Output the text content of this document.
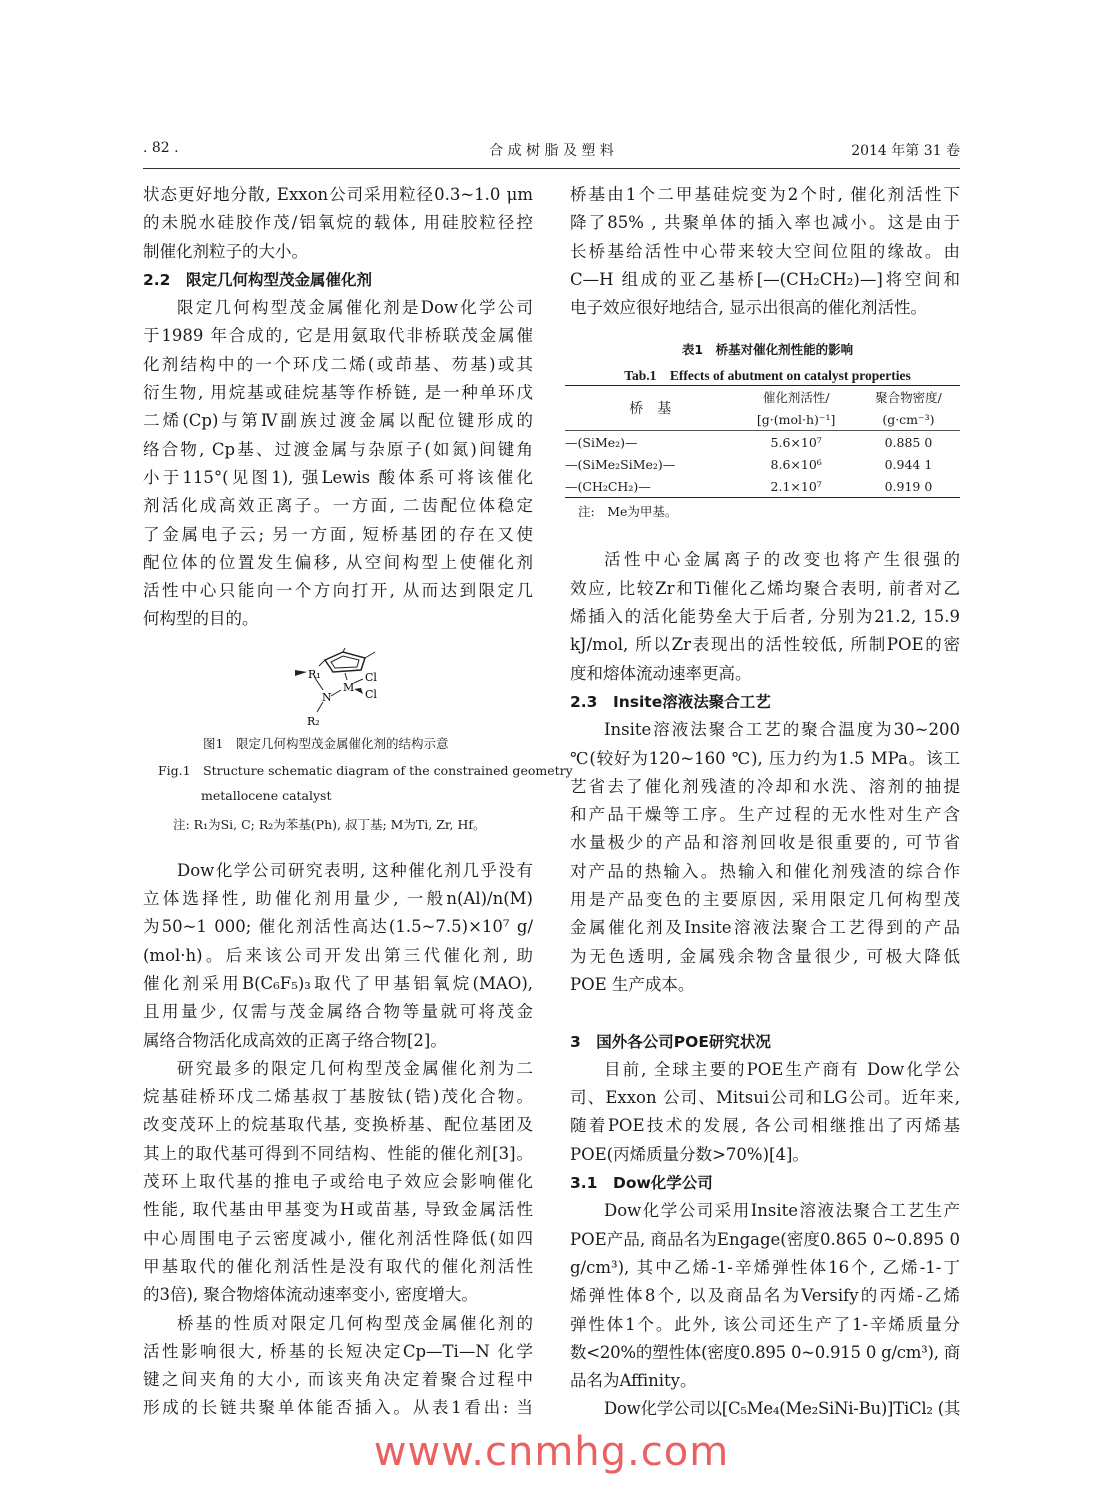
. 82 .	合 成 树 脂 及 塑 料	2014 年第 31 卷
状态更好地分散, Exxon公司采用粒径0.3~1.0 μm
的未脱水硅胶作茂/铝氧烷的载体, 用硅胶粒径控
制催化剂粒子的大小。
2.2　限定几何构型茂金属催化剂
限定几何构型茂金属催化剂是Dow化学公司
于1989 年合成的, 它是用氨取代非桥联茂金属催
化剂结构中的一个环戊二烯(或茚基、芴基)或其
衍生物, 用烷基或硅烷基等作桥链, 是一种单环戊
二烯(Cp)与第Ⅳ副族过渡金属以配位键形成的
络合物, Cp基、过渡金属与杂原子(如氮)间键角
小于115°(见图1), 强Lewis 酸体系可将该催化
剂活化成高效正离子。一方面, 二齿配位体稳定
了金属电子云; 另一方面, 短桥基团的存在又使
配位体的位置发生偏移, 从空间构型上使催化剂
活性中心只能向一个方向打开, 从而达到限定几
何构型的目的。
R₁
N
M
Cl
Cl
R₂
图1　限定几何构型茂金属催化剂的结构示意
Fig.1　Structure schematic diagram of the constrained geometry
metallocene catalyst
注: R₁为Si, C; R₂为苯基(Ph), 叔丁基; M为Ti, Zr, Hf。
Dow化学公司研究表明, 这种催化剂几乎没有
立体选择性, 助催化剂用量少, 一般n(Al)/n(M)
为50~1 000; 催化剂活性高达(1.5~7.5)×10⁷ g/
(mol·h)。后来该公司开发出第三代催化剂, 助
催化剂采用B(C₆F₅)₃取代了甲基铝氧烷(MAO),
且用量少, 仅需与茂金属络合物等量就可将茂金
属络合物活化成高效的正离子络合物[2]。
研究最多的限定几何构型茂金属催化剂为二
烷基硅桥环戊二烯基叔丁基胺钛(锆)茂化合物。
改变茂环上的烷基取代基, 变换桥基、配位基团及
其上的取代基可得到不同结构、性能的催化剂[3]。
茂环上取代基的推电子或给电子效应会影响催化
性能, 取代基由甲基变为H或苗基, 导致金属活性
中心周围电子云密度减小, 催化剂活性降低(如四
甲基取代的催化剂活性是没有取代的催化剂活性
的3倍), 聚合物熔体流动速率变小, 密度增大。
桥基的性质对限定几何构型茂金属催化剂的
活性影响很大, 桥基的长短决定Cp—Ti—N 化学
键之间夹角的大小, 而该夹角决定着聚合过程中
形成的长链共聚单体能否插入。从表1看出: 当
桥基由1个二甲基硅烷变为2个时, 催化剂活性下
降了85% , 共聚单体的插入率也减小。这是由于
长桥基给活性中心带来较大空间位阻的缘故。由
C—H 组成的亚乙基桥[—(CH₂CH₂)—]将空间和
电子效应很好地结合, 显示出很高的催化剂活性。
表1　桥基对催化剂性能的影响
Tab.1　Effects of abutment on catalyst properties
桥　基	催化剂活性/	聚合物密度/
	[g·(mol·h)⁻¹]	(g·cm⁻³)
—(SiMe₂)—	5.6×10⁷	0.885 0
—(SiMe₂SiMe₂)—	8.6×10⁶	0.944 1
—(CH₂CH₂)—	2.1×10⁷	0.919 0
注:　Me为甲基。
活性中心金属离子的改变也将产生很强的
效应, 比较Zr和Ti催化乙烯均聚合表明, 前者对乙
烯插入的活化能势垒大于后者, 分别为21.2, 15.9
kJ/mol, 所以Zr表现出的活性较低, 所制POE的密
度和熔体流动速率更高。
2.3　Insite溶液法聚合工艺
Insite溶液法聚合工艺的聚合温度为30~200
℃(较好为120~160 ℃), 压力约为1.5 MPa。该工
艺省去了催化剂残渣的冷却和水洗、溶剂的抽提
和产品干燥等工序。生产过程的无水性对生产含
水量极少的产品和溶剂回收是很重要的, 可节省
对产品的热输入。热输入和催化剂残渣的综合作
用是产品变色的主要原因, 采用限定几何构型茂
金属催化剂及Insite溶液法聚合工艺得到的产品
为无色透明, 金属残余物含量很少, 可极大降低
POE 生产成本。
3　国外各公司POE研究状况
目前, 全球主要的POE生产商有 Dow化学公
司、Exxon 公司、Mitsui公司和LG公司。近年来,
随着POE技术的发展, 各公司相继推出了丙烯基
POE(丙烯质量分数>70%)[4]。
3.1　Dow化学公司
Dow化学公司采用Insite溶液法聚合工艺生产
POE产品, 商品名为Engage(密度0.865 0~0.895 0
g/cm³), 其中乙烯-1-辛烯弹性体16个, 乙烯-1-丁
烯弹性体8个, 以及商品名为Versify的丙烯-乙烯
弹性体1个。此外, 该公司还生产了1-辛烯质量分
数<20%的塑性体(密度0.895 0~0.915 0 g/cm³), 商
品名为Affinity。
Dow化学公司以[C₅Me₄(Me₂SiNi-Bu)]TiCl₂ (其
www.cnmhg.com
